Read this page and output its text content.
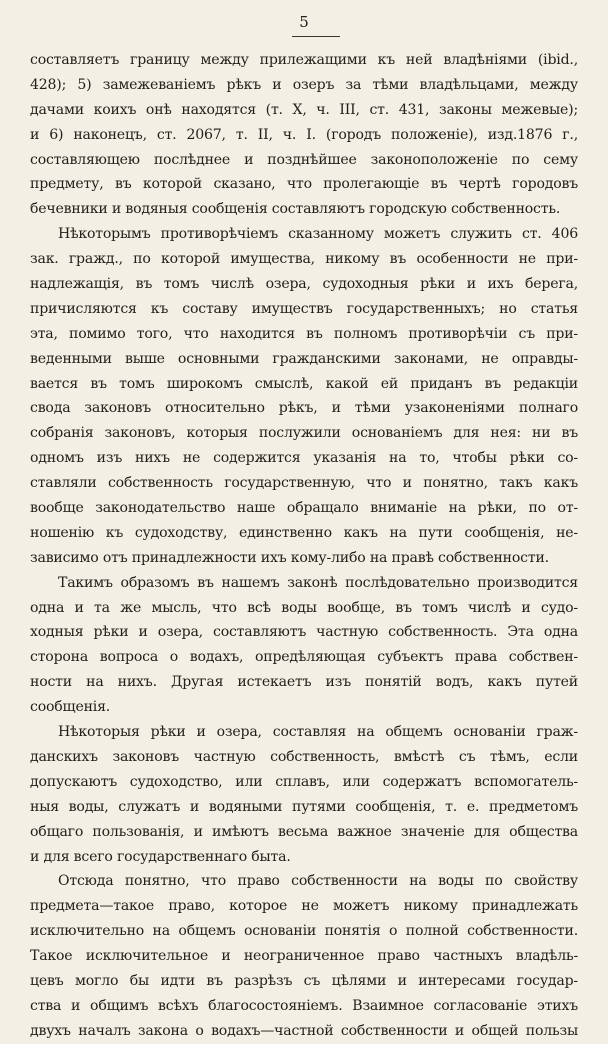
5
составляетъ границу между прилежащими къ ней владѣніями (ibid.,
428); 5) замежеваніемъ рѣкъ и озеръ за тѣми владѣльцами, между
дачами коихъ онѣ находятся (т. X, ч. III, ст. 431, законы межевые);
и 6) наконецъ, ст. 2067, т. II, ч. I. (городъ положеніе), изд.1876 г.,
составляющею послѣднее и позднѣйшее законоположеніе по сему
предмету, въ которой сказано, что пролегающіе въ чертѣ городовъ
бечевники и водяныя сообщенія составляютъ городскую собственность.
Нѣкоторымъ противорѣчіемъ сказанному можетъ служить ст. 406
зак. гражд., по которой имущества, никому въ особенности не при-
надлежащія, въ томъ числѣ озера, судоходныя рѣки и ихъ берега,
причисляются къ составу имуществъ государственныхъ; но статья
эта, помимо того, что находится въ полномъ противорѣчіи съ при-
веденными выше основными гражданскими законами, не оправды-
вается въ томъ широкомъ смыслѣ, какой ей приданъ въ редакціи
свода законовъ относительно рѣкъ, и тѣми узаконеніями полнаго
собранія законовъ, которыя послужили основаніемъ для нея: ни въ
одномъ изъ нихъ не содержится указанія на то, чтобы рѣки со-
ставляли собственность государственную, что и понятно, такъ какъ
вообще законодательство наше обращало вниманіе на рѣки, по от-
ношенію къ судоходству, единственно какъ на пути сообщенія, не-
зависимо отъ принадлежности ихъ кому-либо на правѣ собственности.
Такимъ образомъ въ нашемъ законѣ послѣдовательно производится
одна и та же мысль, что всѣ воды вообще, въ томъ числѣ и судо-
ходныя рѣки и озера, составляютъ частную собственность. Эта одна
сторона вопроса о водахъ, опредѣляющая субъектъ права собствен-
ности на нихъ. Другая истекаетъ изъ понятій водъ, какъ путей
сообщенія.
Нѣкоторыя рѣки и озера, составляя на общемъ основаніи граж-
данскихъ законовъ частную собственность, вмѣстѣ съ тѣмъ, если
допускаютъ судоходство, или сплавъ, или содержатъ вспомогатель-
ныя воды, служатъ и водяными путями сообщенія, т. е. предметомъ
общаго пользованія, и имѣютъ весьма важное значеніе для общества
и для всего государственнаго быта.
Отсюда понятно, что право собственности на воды по свойству
предмета—такое право, которое не можетъ никому принадлежать
исключительно на общемъ основаніи понятія о полной собственности.
Такое исключительное и неограниченное право частныхъ владѣль-
цевъ могло бы идти въ разрѣзъ съ цѣлями и интересами государ-
ства и общимъ всѣхъ благосостояніемъ. Взаимное согласованіе этихъ
двухъ началъ закона о водахъ—частной собственности и общей пользы
